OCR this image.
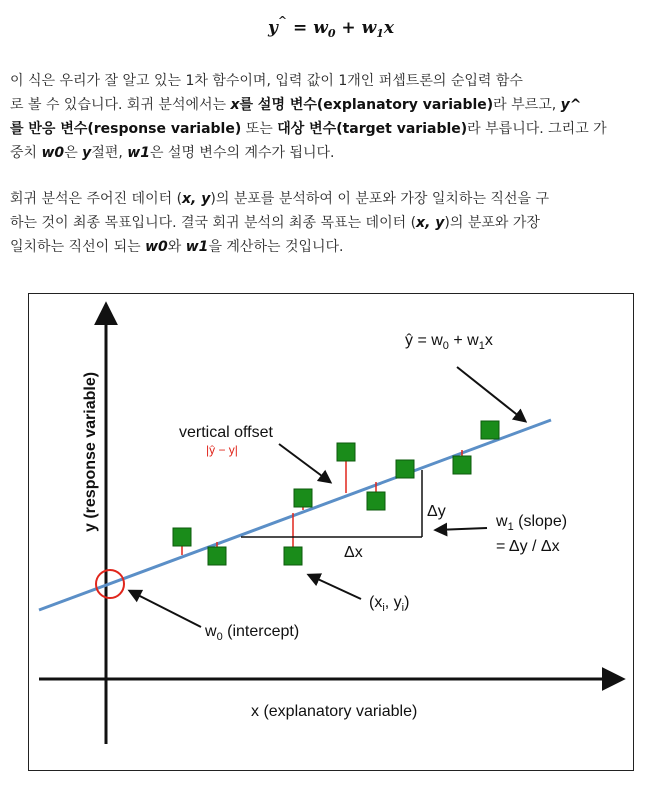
$y^{\^{}} = w_0 + w_1x$
이 식은 우리가 잘 알고 있는 1차 함수이며, 입력 값이 1개인 퍼셉트론의 순입력 함수
로 볼 수 있습니다. 회귀 분석에서는 x를 설명 변수(explanatory variable)라 부르고, y^
를 반응 변수(response variable) 또는 대상 변수(target variable)라 부릅니다. 그리고 가
중치 w0은 y절편, w1은 설명 변수의 계수가 됩니다.
회귀 분석은 주어진 데이터 (x, y)의 분포를 분석하여 이 분포와 가장 일치하는 직선을 구
하는 것이 최종 목표입니다. 결국 회귀 분석의 최종 목표는 데이터 (x, y)의 분포와 가장
일치하는 직선이 되는 w0와 w1을 계산하는 것입니다.
ŷ = $w_0 + w_1x$
vertical offset
|ŷ − y|
Δy
Δx
$w_1$ (slope)
= Δy / Δx
($x_i$, $y_i$)
$w_0$ (intercept)
x (explanatory variable)
y (response variable)
